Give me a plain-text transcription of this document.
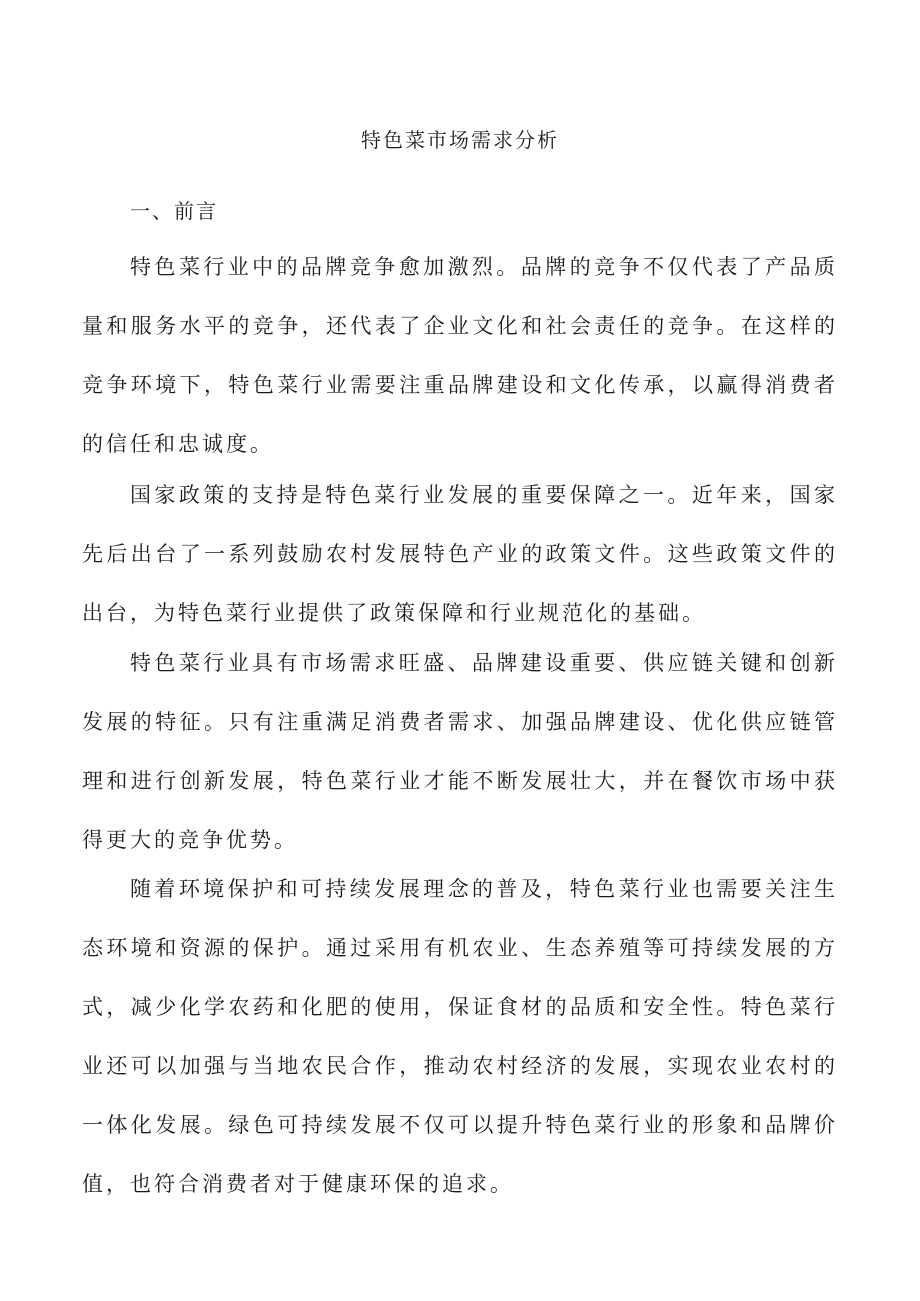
特色菜市场需求分析
一、前言

特色菜行业中的品牌竞争愈加激烈。品牌的竞争不仅代表了产品质量和服务水平的竞争，还代表了企业文化和社会责任的竞争。在这样的竞争环境下，特色菜行业需要注重品牌建设和文化传承，以赢得消费者的信任和忠诚度。

国家政策的支持是特色菜行业发展的重要保障之一。近年来，国家先后出台了一系列鼓励农村发展特色产业的政策文件。这些政策文件的出台，为特色菜行业提供了政策保障和行业规范化的基础。

特色菜行业具有市场需求旺盛、品牌建设重要、供应链关键和创新发展的特征。只有注重满足消费者需求、加强品牌建设、优化供应链管理和进行创新发展，特色菜行业才能不断发展壮大，并在餐饮市场中获得更大的竞争优势。

随着环境保护和可持续发展理念的普及，特色菜行业也需要关注生态环境和资源的保护。通过采用有机农业、生态养殖等可持续发展的方式，减少化学农药和化肥的使用，保证食材的品质和安全性。特色菜行业还可以加强与当地农民合作，推动农村经济的发展，实现农业农村的一体化发展。绿色可持续发展不仅可以提升特色菜行业的形象和品牌价值，也符合消费者对于健康环保的追求。
